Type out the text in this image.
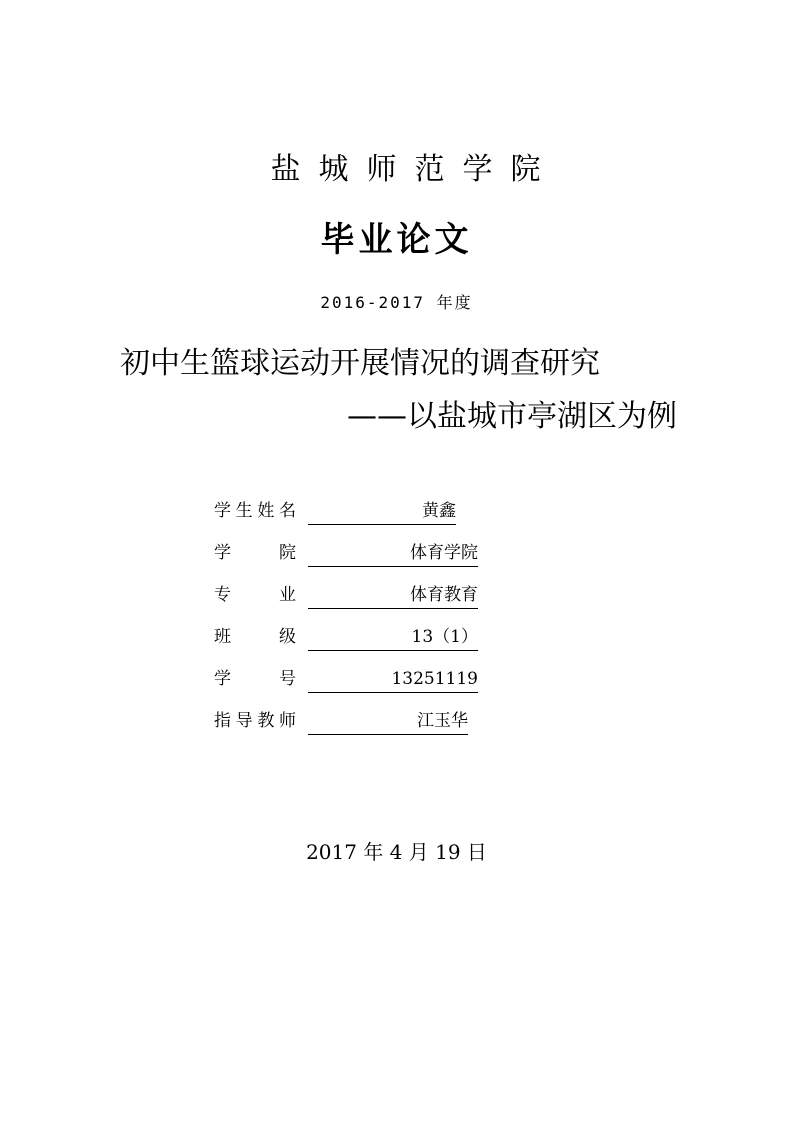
盐城师范学院
毕业论文
2016-2017 年度
初中生篮球运动开展情况的调查研究
——以盐城市亭湖区为例
学 生 姓 名	黄鑫
学	院	体育学院
专	业	体育教育
班	级	13（1）
学	号	13251119
指 导 教 师	江玉华
2017 年 4 月 19 日
